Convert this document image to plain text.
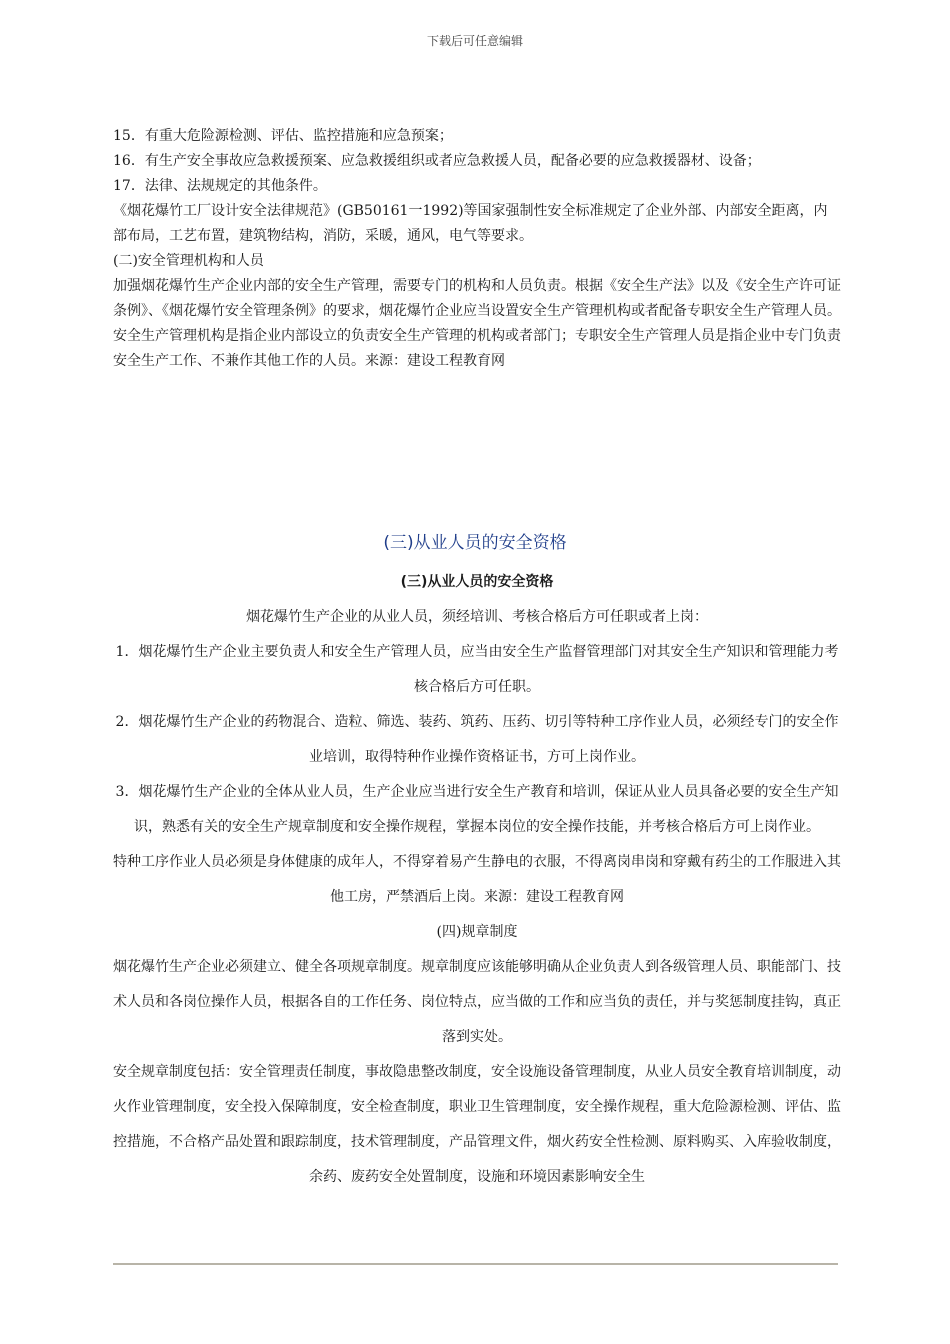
下载后可任意编辑

15．有重大危险源检测、评估、监控措施和应急预案；

16．有生产安全事故应急救援预案、应急救援组织或者应急救援人员，配备必要的应急救援器材、设备；

17．法律、法规规定的其他条件。

《烟花爆竹工厂设计安全法律规范》(GB50161一1992)等国家强制性安全标准规定了企业外部、内部安全距离，内部布局，工艺布置，建筑物结构，消防，采暖，通风，电气等要求。

(二)安全管理机构和人员

加强烟花爆竹生产企业内部的安全生产管理，需要专门的机构和人员负责。根据《安全生产法》以及《安全生产许可证条例》、《烟花爆竹安全管理条例》的要求，烟花爆竹企业应当设置安全生产管理机构或者配备专职安全生产管理人员。安全生产管理机构是指企业内部设立的负责安全生产管理的机构或者部门；专职安全生产管理人员是指企业中专门负责安全生产工作、不兼作其他工作的人员。来源：建设工程教育网

(三)从业人员的安全资格

(三)从业人员的安全资格

烟花爆竹生产企业的从业人员，须经培训、考核合格后方可任职或者上岗：

1．烟花爆竹生产企业主要负责人和安全生产管理人员，应当由安全生产监督管理部门对其安全生产知识和管理能力考核合格后方可任职。

2．烟花爆竹生产企业的药物混合、造粒、筛选、装药、筑药、压药、切引等特种工序作业人员，必须经专门的安全作业培训，取得特种作业操作资格证书，方可上岗作业。

3．烟花爆竹生产企业的全体从业人员，生产企业应当进行安全生产教育和培训，保证从业人员具备必要的安全生产知识，熟悉有关的安全生产规章制度和安全操作规程，掌握本岗位的安全操作技能，并考核合格后方可上岗作业。

特种工序作业人员必须是身体健康的成年人，不得穿着易产生静电的衣服，不得离岗串岗和穿戴有药尘的工作服进入其他工房，严禁酒后上岗。来源：建设工程教育网

(四)规章制度

烟花爆竹生产企业必须建立、健全各项规章制度。规章制度应该能够明确从企业负责人到各级管理人员、职能部门、技术人员和各岗位操作人员，根据各自的工作任务、岗位特点，应当做的工作和应当负的责任，并与奖惩制度挂钩，真正落到实处。

安全规章制度包括：安全管理责任制度，事故隐患整改制度，安全设施设备管理制度，从业人员安全教育培训制度，动火作业管理制度，安全投入保障制度，安全检查制度，职业卫生管理制度，安全操作规程，重大危险源检测、评估、监控措施，不合格产品处置和跟踪制度，技术管理制度，产品管理文件，烟火药安全性检测、原料购买、入库验收制度，余药、废药安全处置制度，设施和环境因素影响安全生
